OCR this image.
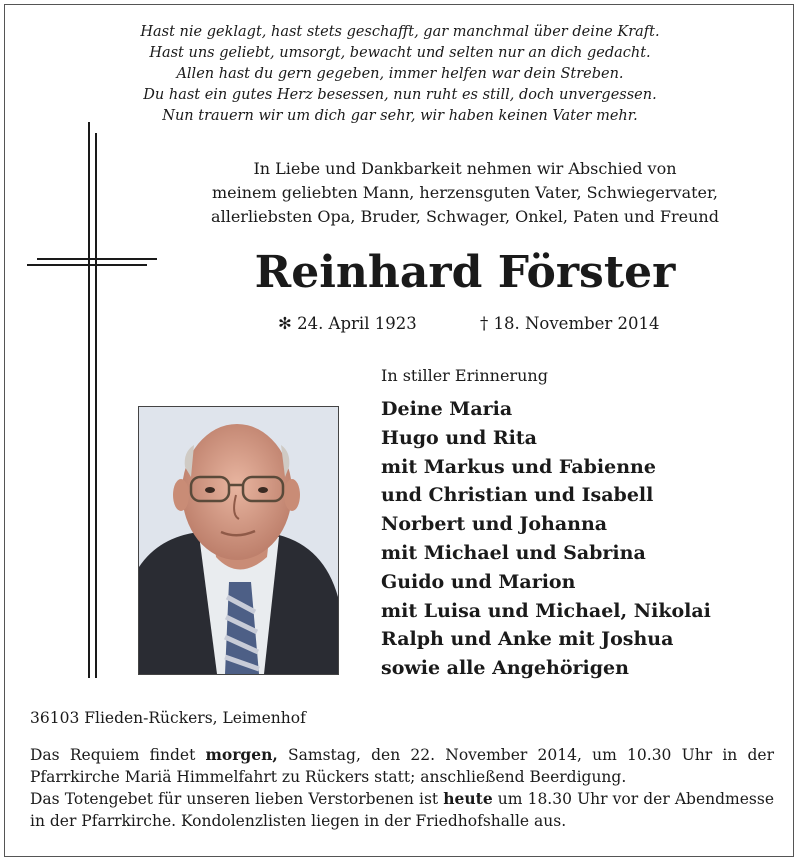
Hast nie geklagt, hast stets geschafft, gar manchmal über deine Kraft.
Hast uns geliebt, umsorgt, bewacht und selten nur an dich gedacht.
Allen hast du gern gegeben, immer helfen war dein Streben.
Du hast ein gutes Herz besessen, nun ruht es still, doch unvergessen.
Nun trauern wir um dich gar sehr, wir haben keinen Vater mehr.
In Liebe und Dankbarkeit nehmen wir Abschied von
meinem geliebten Mann, herzensguten Vater, Schwiegervater,
allerliebsten Opa, Bruder, Schwager, Onkel, Paten und Freund
Reinhard Förster
✻ 24. April 1923	† 18. November 2014
In stiller Erinnerung
Deine Maria
Hugo und Rita
mit Markus und Fabienne
und Christian und Isabell
Norbert und Johanna
mit Michael und Sabrina
Guido und Marion
mit Luisa und Michael, Nikolai
Ralph und Anke mit Joshua
sowie alle Angehörigen
36103 Flieden-Rückers, Leimenhof
Das Requiem findet morgen, Samstag, den 22. November 2014, um 10.30 Uhr in der
Pfarrkirche Mariä Himmelfahrt zu Rückers statt; anschließend Beerdigung.
Das Totengebet für unseren lieben Verstorbenen ist heute um 18.30 Uhr vor der Abendmesse
in der Pfarrkirche. Kondolenzlisten liegen in der Friedhofshalle aus.
